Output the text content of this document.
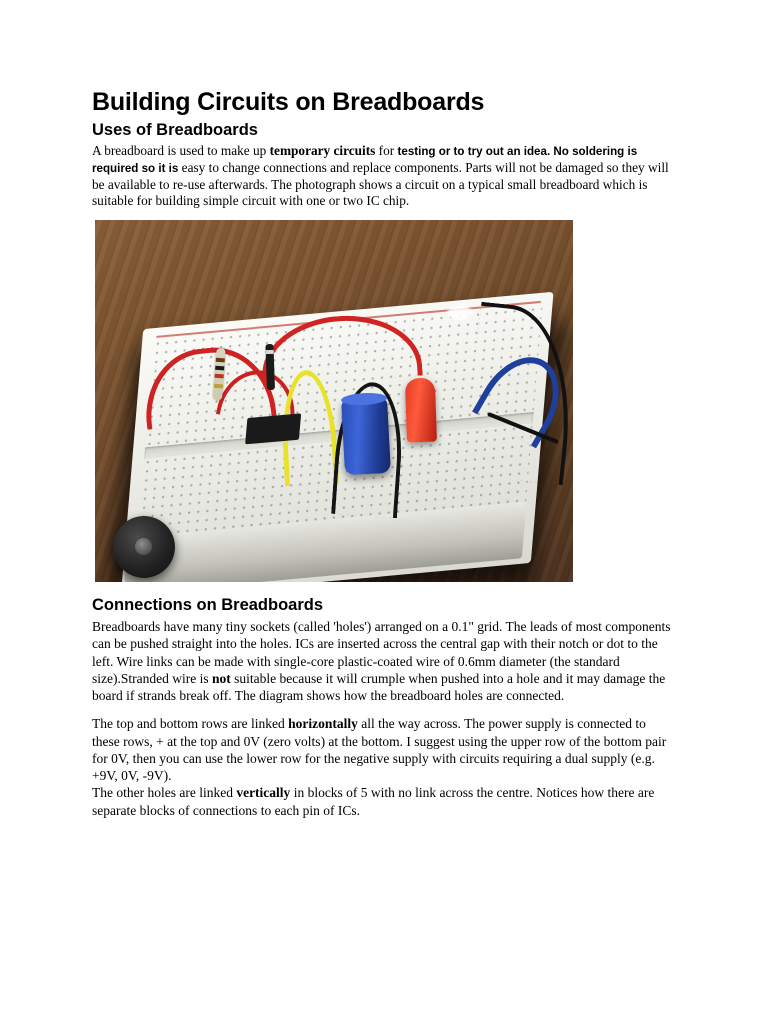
Building Circuits on Breadboards
Uses of Breadboards

A breadboard is used to make up temporary circuits for testing or to try out an idea. No soldering is required so it is easy to change connections and replace components. Parts will not be damaged so they will be available to re-use afterwards. The photograph shows a circuit on a typical small breadboard which is suitable for building simple circuit with one or two IC chip.

Connections on Breadboards

Breadboards have many tiny sockets (called 'holes') arranged on a 0.1" grid. The leads of most components can be pushed straight into the holes. ICs are inserted across the central gap with their notch or dot to the left. Wire links can be made with single-core plastic-coated wire of 0.6mm diameter (the standard size).Stranded wire is not suitable because it will crumple when pushed into a hole and it may damage the board if strands break off. The diagram shows how the breadboard holes are connected.

The top and bottom rows are linked horizontally all the way across. The power supply is connected to these rows, + at the top and 0V (zero volts) at the bottom. I suggest using the upper row of the bottom pair for 0V, then you can use the lower row for the negative supply with circuits requiring a dual supply (e.g. +9V, 0V, -9V).

The other holes are linked vertically in blocks of 5 with no link across the centre. Notices how there are separate blocks of connections to each pin of ICs.
